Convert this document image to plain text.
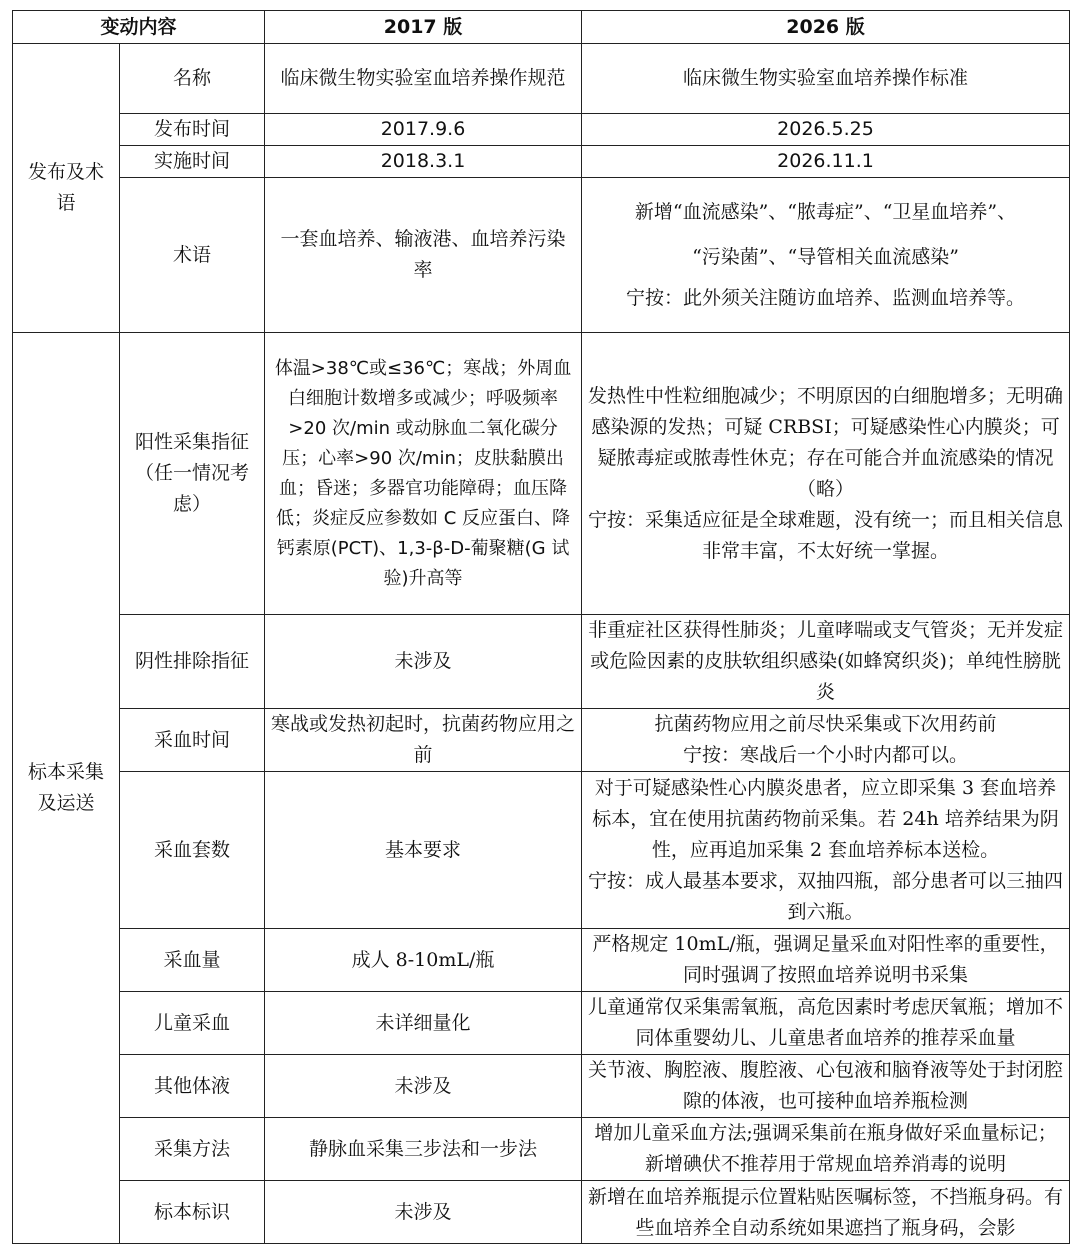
变动内容		2017 版	2026 版
发布及术语	名称	临床微生物实验室血培养操作规范	临床微生物实验室血培养操作标准
	发布时间	2017.9.6	2026.5.25
	实施时间	2018.3.1	2026.11.1
	术语	一套血培养、输液港、血培养污染率	新增“血流感染”、“脓毒症”、“卫星血培养”、
“污染菌”、“导管相关血流感染”
宁按：此外须关注随访血培养、监测血培养等。

标本采集及运送	阳性采集指征（任一情况考虑）	体温>38℃或≤36℃；寒战；外周血白细胞计数增多或减少；呼吸频率>20 次/min 或动脉血二氧化碳分压；心率>90 次/min；皮肤黏膜出血；昏迷；多器官功能障碍；血压降低；炎症反应参数如 C 反应蛋白、降钙素原(PCT)、1,3-β-D-葡聚糖(G 试验)升高等	发热性中性粒细胞减少；不明原因的白细胞增多；无明确感染源的发热；可疑 CRBSI；可疑感染性心内膜炎；可疑脓毒症或脓毒性休克；存在可能合并血流感染的情况（略）
宁按：采集适应征是全球难题，没有统一；而且相关信息非常丰富，不太好统一掌握。

	阴性排除指征	未涉及	非重症社区获得性肺炎；儿童哮喘或支气管炎；无并发症或危险因素的皮肤软组织感染(如蜂窝织炎)；单纯性膀胱炎
	采血时间	寒战或发热初起时，抗菌药物应用之前	抗菌药物应用之前尽快采集或下次用药前
宁按：寒战后一个小时内都可以。

	采血套数	基本要求	对于可疑感染性心内膜炎患者，应立即采集 3 套血培养标本，宜在使用抗菌药物前采集。若 24h 培养结果为阴性，应再追加采集 2 套血培养标本送检。
宁按：成人最基本要求，双抽四瓶，部分患者可以三抽四到六瓶。

	采血量	成人 8-10mL/瓶	严格规定 10mL/瓶，强调足量采血对阳性率的重要性，同时强调了按照血培养说明书采集
	儿童采血	未详细量化	儿童通常仅采集需氧瓶，高危因素时考虑厌氧瓶；增加不同体重婴幼儿、儿童患者血培养的推荐采血量
	其他体液	未涉及	关节液、胸腔液、腹腔液、心包液和脑脊液等处于封闭腔隙的体液，也可接种血培养瓶检测
	采集方法	静脉血采集三步法和一步法	增加儿童采血方法;强调采集前在瓶身做好采血量标记；新增碘伏不推荐用于常规血培养消毒的说明
	标本标识	未涉及	新增在血培养瓶提示位置粘贴医嘱标签，不挡瓶身码。有些血培养全自动系统如果遮挡了瓶身码，会影
